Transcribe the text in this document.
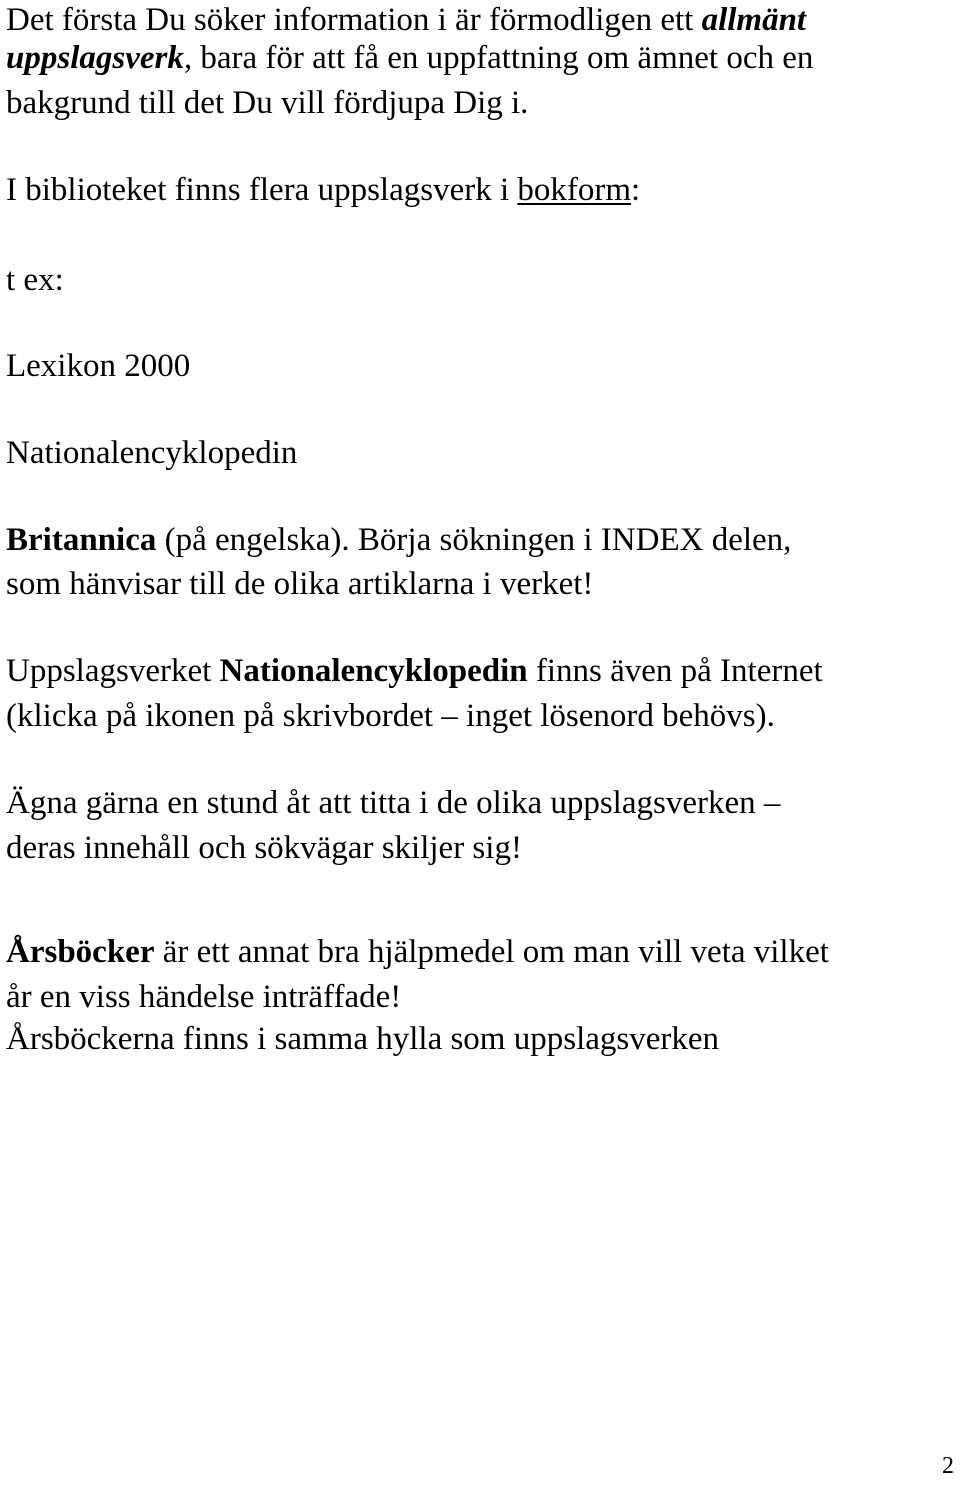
Det första Du söker information i är förmodligen ett allmänt
uppslagsverk, bara för att få en uppfattning om ämnet och en
bakgrund till det Du vill fördjupa Dig i.
I biblioteket finns flera uppslagsverk i bokform:
t ex:
Lexikon 2000
Nationalencyklopedin
Britannica (på engelska). Börja sökningen i INDEX delen,
som hänvisar till de olika artiklarna i verket!
Uppslagsverket Nationalencyklopedin finns även på Internet
(klicka på ikonen på skrivbordet – inget lösenord behövs).
Ägna gärna en stund åt att titta i de olika uppslagsverken –
deras innehåll och sökvägar skiljer sig!
Årsböcker är ett annat bra hjälpmedel om man vill veta vilket
år en viss händelse inträffade!
Årsböckerna finns i samma hylla som uppslagsverken
2
